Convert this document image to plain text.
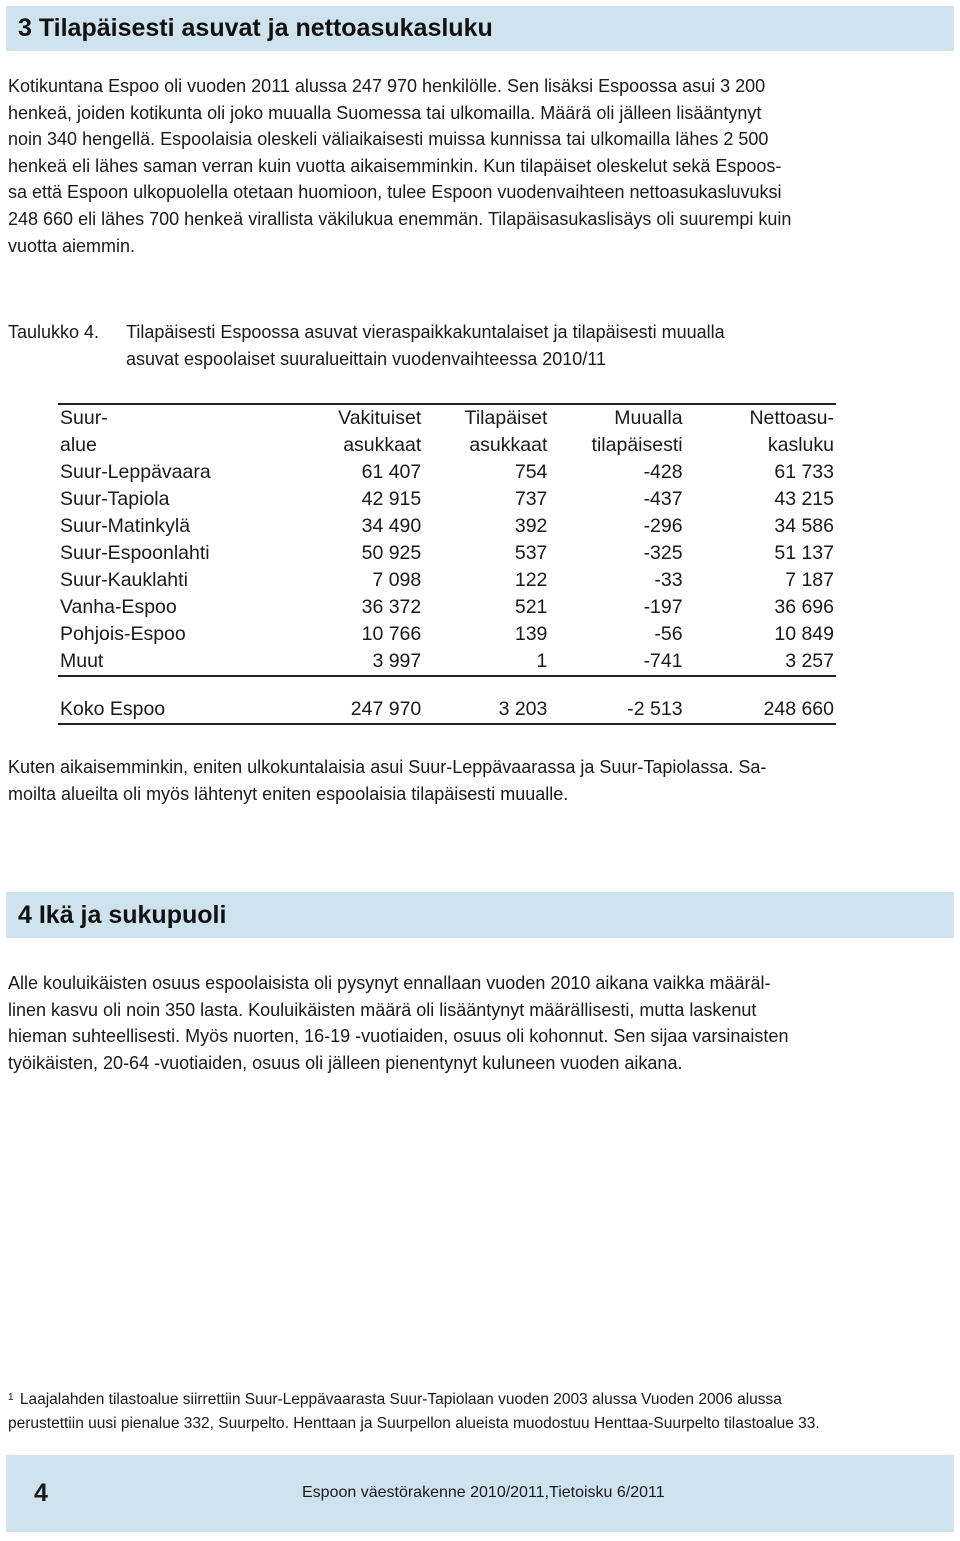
3 Tilapäisesti asuvat ja nettoasukasluku

Kotikuntana Espoo oli vuoden 2011 alussa 247 970 henkilölle. Sen lisäksi Espoossa asui 3 200

henkeä, joiden kotikunta oli joko muualla Suomessa tai ulkomailla. Määrä oli jälleen lisääntynyt

noin 340 hengellä. Espoolaisia oleskeli väliaikaisesti muissa kunnissa tai ulkomailla lähes 2 500

henkeä eli lähes saman verran kuin vuotta aikaisemminkin. Kun tilapäiset oleskelut sekä Espoos-

sa että Espoon ulkopuolella otetaan huomioon, tulee Espoon vuodenvaihteen nettoasukasluvuksi

248 660 eli lähes 700 henkeä virallista väkilukua enemmän. Tilapäisasukaslisäys oli suurempi kuin

vuotta aiemmin.

Taulukko 4. Tilapäisesti Espoossa asuvat vieraspaikkakuntalaiset ja tilapäisesti muualla
asuvat espoolaiset suuralueittain vuodenvaihteessa 2010/11
Suur-	Vakituiset	Tilapäiset	Muualla	Nettoasu-
alue	asukkaat	asukkaat	tilapäisesti	kasluku
Suur-Leppävaara	61 407	754	-428	61 733
Suur-Tapiola	42 915	737	-437	43 215
Suur-Matinkylä	34 490	392	-296	34 586
Suur-Espoonlahti	50 925	537	-325	51 137
Suur-Kauklahti	7 098	122	-33	7 187
Vanha-Espoo	36 372	521	-197	36 696
Pohjois-Espoo	10 766	139	-56	10 849
Muut	3 997	1	-741	3 257

Koko Espoo	247 970	3 203	-2 513	248 660

Kuten aikaisemminkin, eniten ulkokuntalaisia asui Suur-Leppävaarassa ja Suur-Tapiolassa. Sa-

moilta alueilta oli myös lähtenyt eniten espoolaisia tilapäisesti muualle.

4 Ikä ja sukupuoli

Alle kouluikäisten osuus espoolaisista oli pysynyt ennallaan vuoden 2010 aikana vaikka määräl-

linen kasvu oli noin 350 lasta. Kouluikäisten määrä oli lisääntynyt määrällisesti, mutta laskenut

hieman suhteellisesti. Myös nuorten, 16-19 -vuotiaiden, osuus oli kohonnut. Sen sijaa varsinaisten

työikäisten, 20-64 -vuotiaiden, osuus oli jälleen pienentynyt kuluneen vuoden aikana.

$^1$ Laajalahden tilastoalue siirrettiin Suur-Leppävaarasta Suur-Tapiolaan vuoden 2003 alussa Vuoden 2006 alussa
perustettiin uusi pienalue 332, Suurpelto. Henttaan ja Suurpellon alueista muodostuu Henttaa-Suurpelto tilastoalue 33.
4	Espoon väestörakenne 2010/2011,Tietoisku 6/2011
